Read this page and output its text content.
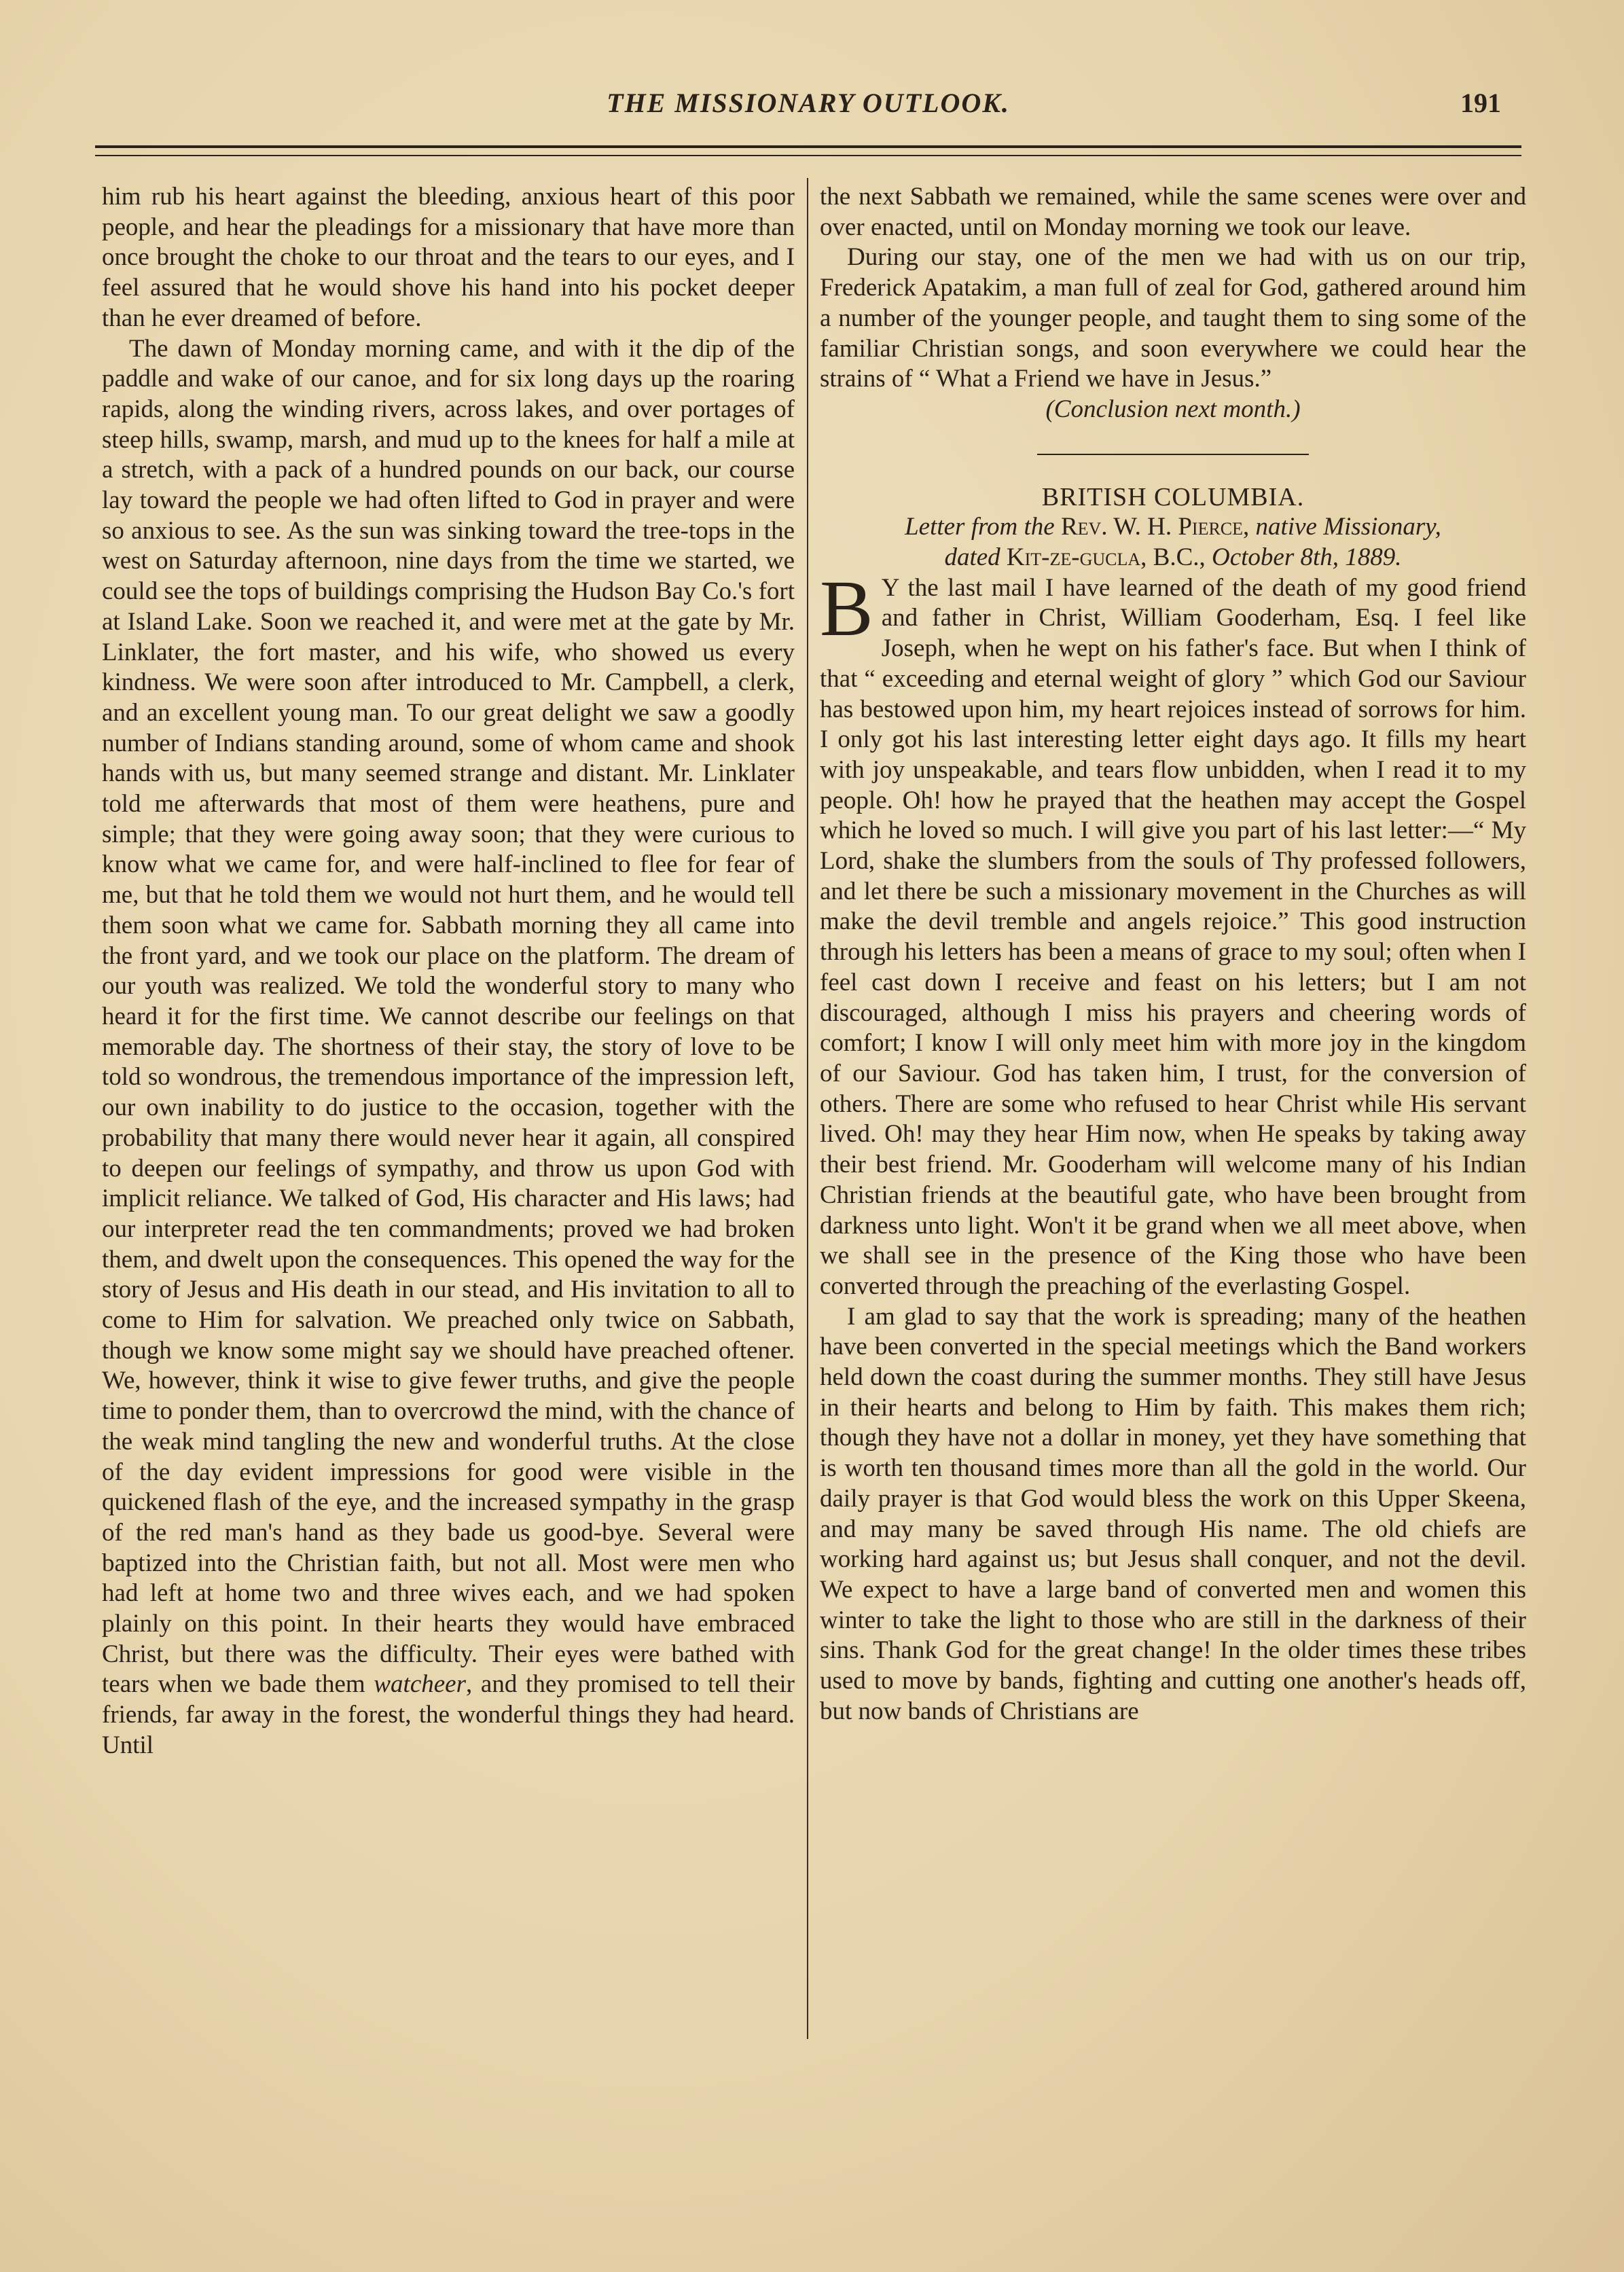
THE MISSIONARY OUTLOOK.	191

him rub his heart against the bleeding, anxious heart of this poor people, and hear the pleadings for a missionary that have more than once brought the choke to our throat and the tears to our eyes, and I feel assured that he would shove his hand into his pocket deeper than he ever dreamed of before.

The dawn of Monday morning came, and with it the dip of the paddle and wake of our canoe, and for six long days up the roaring rapids, along the winding rivers, across lakes, and over portages of steep hills, swamp, marsh, and mud up to the knees for half a mile at a stretch, with a pack of a hundred pounds on our back, our course lay toward the people we had often lifted to God in prayer and were so anxious to see. As the sun was sinking toward the tree-tops in the west on Saturday afternoon, nine days from the time we started, we could see the tops of buildings comprising the Hudson Bay Co.'s fort at Island Lake. Soon we reached it, and were met at the gate by Mr. Linklater, the fort master, and his wife, who showed us every kindness. We were soon after introduced to Mr. Campbell, a clerk, and an excellent young man. To our great delight we saw a goodly number of Indians standing around, some of whom came and shook hands with us, but many seemed strange and distant. Mr. Linklater told me afterwards that most of them were heathens, pure and simple; that they were going away soon; that they were curious to know what we came for, and were half-inclined to flee for fear of me, but that he told them we would not hurt them, and he would tell them soon what we came for. Sabbath morning they all came into the front yard, and we took our place on the platform. The dream of our youth was realized. We told the wonderful story to many who heard it for the first time. We cannot describe our feelings on that memorable day. The shortness of their stay, the story of love to be told so wondrous, the tremendous importance of the impression left, our own inability to do justice to the occasion, together with the probability that many there would never hear it again, all conspired to deepen our feelings of sympathy, and throw us upon God with implicit reliance. We talked of God, His character and His laws; had our interpreter read the ten commandments; proved we had broken them, and dwelt upon the consequences. This opened the way for the story of Jesus and His death in our stead, and His invitation to all to come to Him for salvation. We preached only twice on Sabbath, though we know some might say we should have preached oftener. We, however, think it wise to give fewer truths, and give the people time to ponder them, than to overcrowd the mind, with the chance of the weak mind tangling the new and wonderful truths. At the close of the day evident impressions for good were visible in the quickened flash of the eye, and the increased sympathy in the grasp of the red man's hand as they bade us good-bye. Several were baptized into the Christian faith, but not all. Most were men who had left at home two and three wives each, and we had spoken plainly on this point. In their hearts they would have embraced Christ, but there was the difficulty. Their eyes were bathed with tears when we bade them watcheer, and they promised to tell their friends, far away in the forest, the wonderful things they had heard. Until

the next Sabbath we remained, while the same scenes were over and over enacted, until on Monday morning we took our leave.

During our stay, one of the men we had with us on our trip, Frederick Apatakim, a man full of zeal for God, gathered around him a number of the younger people, and taught them to sing some of the familiar Christian songs, and soon everywhere we could hear the strains of “ What a Friend we have in Jesus.”

(Conclusion next month.)

BRITISH COLUMBIA.

Letter from the Rev. W. H. Pierce, native Missionary,
dated Kit-ze-gucla, B.C., October 8th, 1889.

B Y the last mail I have learned of the death of my good friend and father in Christ, William Gooderham, Esq. I feel like Joseph, when he wept on his father's face. But when I think of that “ exceeding and eternal weight of glory ” which God our Saviour has bestowed upon him, my heart rejoices instead of sorrows for him. I only got his last interesting letter eight days ago. It fills my heart with joy unspeakable, and tears flow unbidden, when I read it to my people. Oh! how he prayed that the heathen may accept the Gospel which he loved so much. I will give you part of his last letter:—“ My Lord, shake the slumbers from the souls of Thy professed followers, and let there be such a missionary movement in the Churches as will make the devil tremble and angels rejoice.” This good instruction through his letters has been a means of grace to my soul; often when I feel cast down I receive and feast on his letters; but I am not discouraged, although I miss his prayers and cheering words of comfort; I know I will only meet him with more joy in the kingdom of our Saviour. God has taken him, I trust, for the conversion of others. There are some who refused to hear Christ while His servant lived. Oh! may they hear Him now, when He speaks by taking away their best friend. Mr. Gooderham will welcome many of his Indian Christian friends at the beautiful gate, who have been brought from darkness unto light. Won't it be grand when we all meet above, when we shall see in the presence of the King those who have been converted through the preaching of the everlasting Gospel.

I am glad to say that the work is spreading; many of the heathen have been converted in the special meetings which the Band workers held down the coast during the summer months. They still have Jesus in their hearts and belong to Him by faith. This makes them rich; though they have not a dollar in money, yet they have something that is worth ten thousand times more than all the gold in the world. Our daily prayer is that God would bless the work on this Upper Skeena, and may many be saved through His name. The old chiefs are working hard against us; but Jesus shall conquer, and not the devil. We expect to have a large band of converted men and women this winter to take the light to those who are still in the darkness of their sins. Thank God for the great change! In the older times these tribes used to move by bands, fighting and cutting one another's heads off, but now bands of Christians are
